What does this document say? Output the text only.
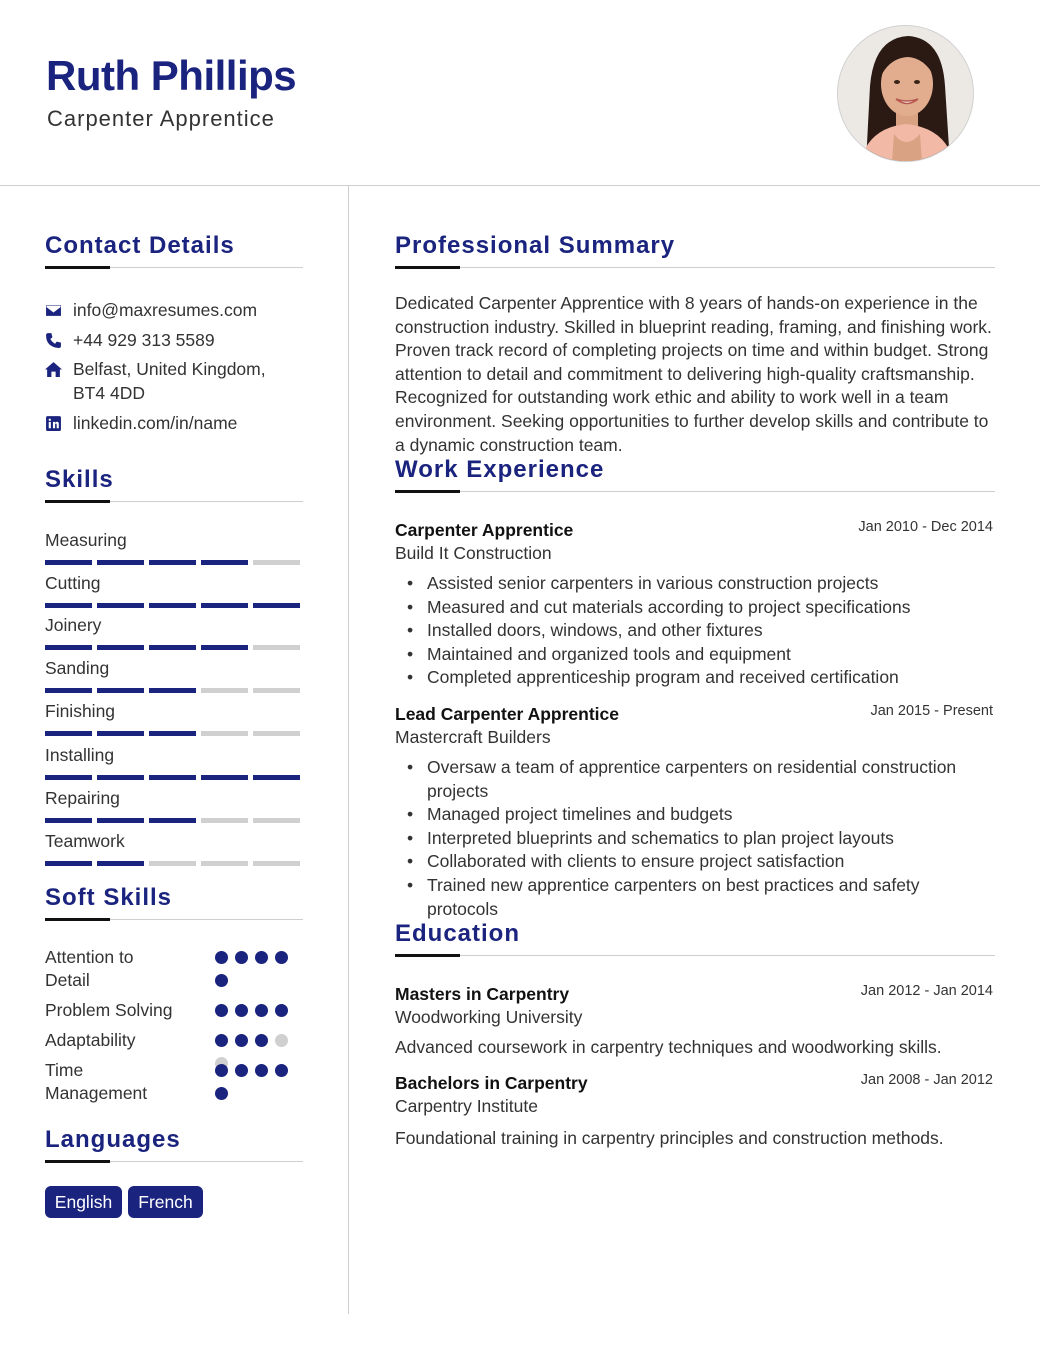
Ruth Phillips
Carpenter Apprentice
Contact Details
info@maxresumes.com
+44 929 313 5589
Belfast, United Kingdom,
BT4 4DD
linkedin.com/in/name
Skills
Measuring
Cutting
Joinery
Sanding
Finishing
Installing
Repairing
Teamwork
Soft Skills
Attention to Detail
Problem Solving
Adaptability
Time Management
Languages
English	French
Professional Summary
Dedicated Carpenter Apprentice with 8 years of hands-on experience in the construction industry. Skilled in blueprint reading, framing, and finishing work. Proven track record of completing projects on time and within budget. Strong attention to detail and commitment to delivering high-quality craftsmanship. Recognized for outstanding work ethic and ability to work well in a team environment. Seeking opportunities to further develop skills and contribute to a dynamic construction team.
Work Experience
Carpenter Apprentice	Jan 2010 - Dec 2014
Build It Construction
• Assisted senior carpenters in various construction projects
• Measured and cut materials according to project specifications
• Installed doors, windows, and other fixtures
• Maintained and organized tools and equipment
• Completed apprenticeship program and received certification
Lead Carpenter Apprentice	Jan 2015 - Present
Mastercraft Builders
• Oversaw a team of apprentice carpenters on residential construction projects
• Managed project timelines and budgets
• Interpreted blueprints and schematics to plan project layouts
• Collaborated with clients to ensure project satisfaction
• Trained new apprentice carpenters on best practices and safety protocols
Education
Masters in Carpentry	Jan 2012 - Jan 2014
Woodworking University
Advanced coursework in carpentry techniques and woodworking skills.
Bachelors in Carpentry	Jan 2008 - Jan 2012
Carpentry Institute
Foundational training in carpentry principles and construction methods.
